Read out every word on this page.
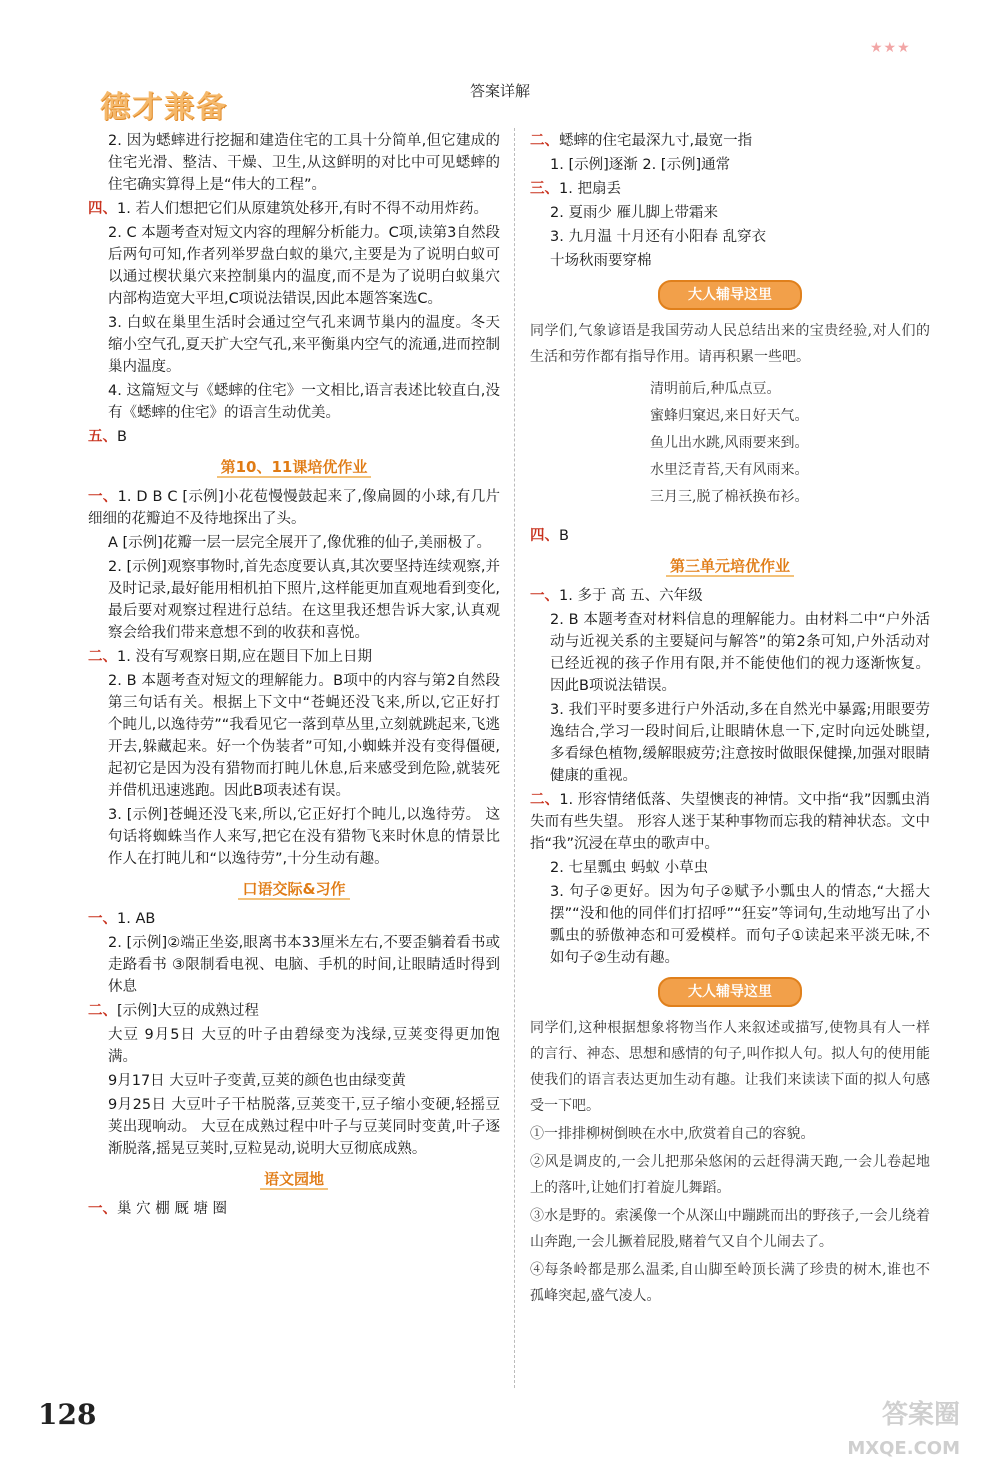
德才兼备	答案详解
★★★
2. 因为蟋蟀进行挖掘和建造住宅的工具十分简单,但它建成的住宅光滑、整洁、干燥、卫生,从这鲜明的对比中可见蟋蟀的住宅确实算得上是“伟大的工程”。
四、1. 若人们想把它们从原建筑处移开,有时不得不动用炸药。
2. C 本题考查对短文内容的理解分析能力。C项,读第3自然段后两句可知,作者列举罗盘白蚁的巢穴,主要是为了说明白蚁可以通过楔状巢穴来控制巢内的温度,而不是为了说明白蚁巢穴内部构造宽大平坦,C项说法错误,因此本题答案选C。
3. 白蚁在巢里生活时会通过空气孔来调节巢内的温度。冬天缩小空气孔,夏天扩大空气孔,来平衡巢内空气的流通,进而控制巢内温度。
4. 这篇短文与《蟋蟀的住宅》一文相比,语言表述比较直白,没有《蟋蟀的住宅》的语言生动优美。
五、B
第10、11课培优作业
一、1. D B C [示例]小花苞慢慢鼓起来了,像扁圆的小球,有几片细细的花瓣迫不及待地探出了头。
A [示例]花瓣一层一层完全展开了,像优雅的仙子,美丽极了。
2. [示例]观察事物时,首先态度要认真,其次要坚持连续观察,并及时记录,最好能用相机拍下照片,这样能更加直观地看到变化,最后要对观察过程进行总结。在这里我还想告诉大家,认真观察会给我们带来意想不到的收获和喜悦。
二、1. 没有写观察日期,应在题目下加上日期
2. B 本题考查对短文的理解能力。B项中的内容与第2自然段第三句话有关。根据上下文中“苍蝇还没飞来,所以,它正好打个盹儿,以逸待劳”“我看见它一落到草丛里,立刻就跳起来,飞逃开去,躲藏起来。好一个伪装者”可知,小蜘蛛并没有变得僵硬,起初它是因为没有猎物而打盹儿休息,后来感受到危险,就装死并借机迅速逃跑。因此B项表述有误。
3. [示例]苍蝇还没飞来,所以,它正好打个盹儿,以逸待劳。 这句话将蜘蛛当作人来写,把它在没有猎物飞来时休息的情景比作人在打盹儿和“以逸待劳”,十分生动有趣。
口语交际&习作
一、1. AB
2. [示例]②端正坐姿,眼离书本33厘米左右,不要歪躺着看书或走路看书 ③限制看电视、电脑、手机的时间,让眼睛适时得到休息
二、[示例]大豆的成熟过程
大豆 9月5日 大豆的叶子由碧绿变为浅绿,豆荚变得更加饱满。
9月17日 大豆叶子变黄,豆荚的颜色也由绿变黄
9月25日 大豆叶子干枯脱落,豆荚变干,豆子缩小变硬,轻摇豆荚出现响动。 大豆在成熟过程中叶子与豆荚同时变黄,叶子逐渐脱落,摇晃豆荚时,豆粒晃动,说明大豆彻底成熟。
语文园地
一、巢 穴 棚 厩 塘 圈
二、蟋蟀的住宅最深九寸,最宽一指
1. [示例]逐渐 2. [示例]通常
三、1. 把扇丢
2. 夏雨少 雁儿脚上带霜来
3. 九月温 十月还有小阳春 乱穿衣
十场秋雨要穿棉
大人辅导这里
同学们,气象谚语是我国劳动人民总结出来的宝贵经验,对人们的生活和劳作都有指导作用。请再积累一些吧。
清明前后,种瓜点豆。
蜜蜂归窠迟,来日好天气。
鱼儿出水跳,风雨要来到。
水里泛青苔,天有风雨来。
三月三,脱了棉袄换布衫。
四、B
第三单元培优作业
一、1. 多于 高 五、六年级
2. B 本题考查对材料信息的理解能力。由材料二中“户外活动与近视关系的主要疑问与解答”的第2条可知,户外活动对已经近视的孩子作用有限,并不能使他们的视力逐渐恢复。因此B项说法错误。
3. 我们平时要多进行户外活动,多在自然光中暴露;用眼要劳逸结合,学习一段时间后,让眼睛休息一下,定时向远处眺望,多看绿色植物,缓解眼疲劳;注意按时做眼保健操,加强对眼睛健康的重视。
二、1. 形容情绪低落、失望懊丧的神情。文中指“我”因瓢虫消失而有些失望。 形容人迷于某种事物而忘我的精神状态。文中指“我”沉浸在草虫的歌声中。
2. 七星瓢虫 蚂蚁 小草虫
3. 句子②更好。因为句子②赋予小瓢虫人的情态,“大摇大摆”“没和他的同伴们打招呼”“狂妄”等词句,生动地写出了小瓢虫的骄傲神态和可爱模样。而句子①读起来平淡无味,不如句子②生动有趣。
大人辅导这里
同学们,这种根据想象将物当作人来叙述或描写,使物具有人一样的言行、神态、思想和感情的句子,叫作拟人句。拟人句的使用能使我们的语言表达更加生动有趣。让我们来读读下面的拟人句感受一下吧。
①一排排柳树倒映在水中,欣赏着自己的容貌。
②风是调皮的,一会儿把那朵悠闲的云赶得满天跑,一会儿卷起地上的落叶,让她们打着旋儿舞蹈。
③水是野的。索溪像一个从深山中蹦跳而出的野孩子,一会儿绕着山奔跑,一会儿撅着屁股,赌着气又自个儿闹去了。
④每条岭都是那么温柔,自山脚至岭顶长满了珍贵的树木,谁也不孤峰突起,盛气凌人。
128	答案圈
MXQE.COM
